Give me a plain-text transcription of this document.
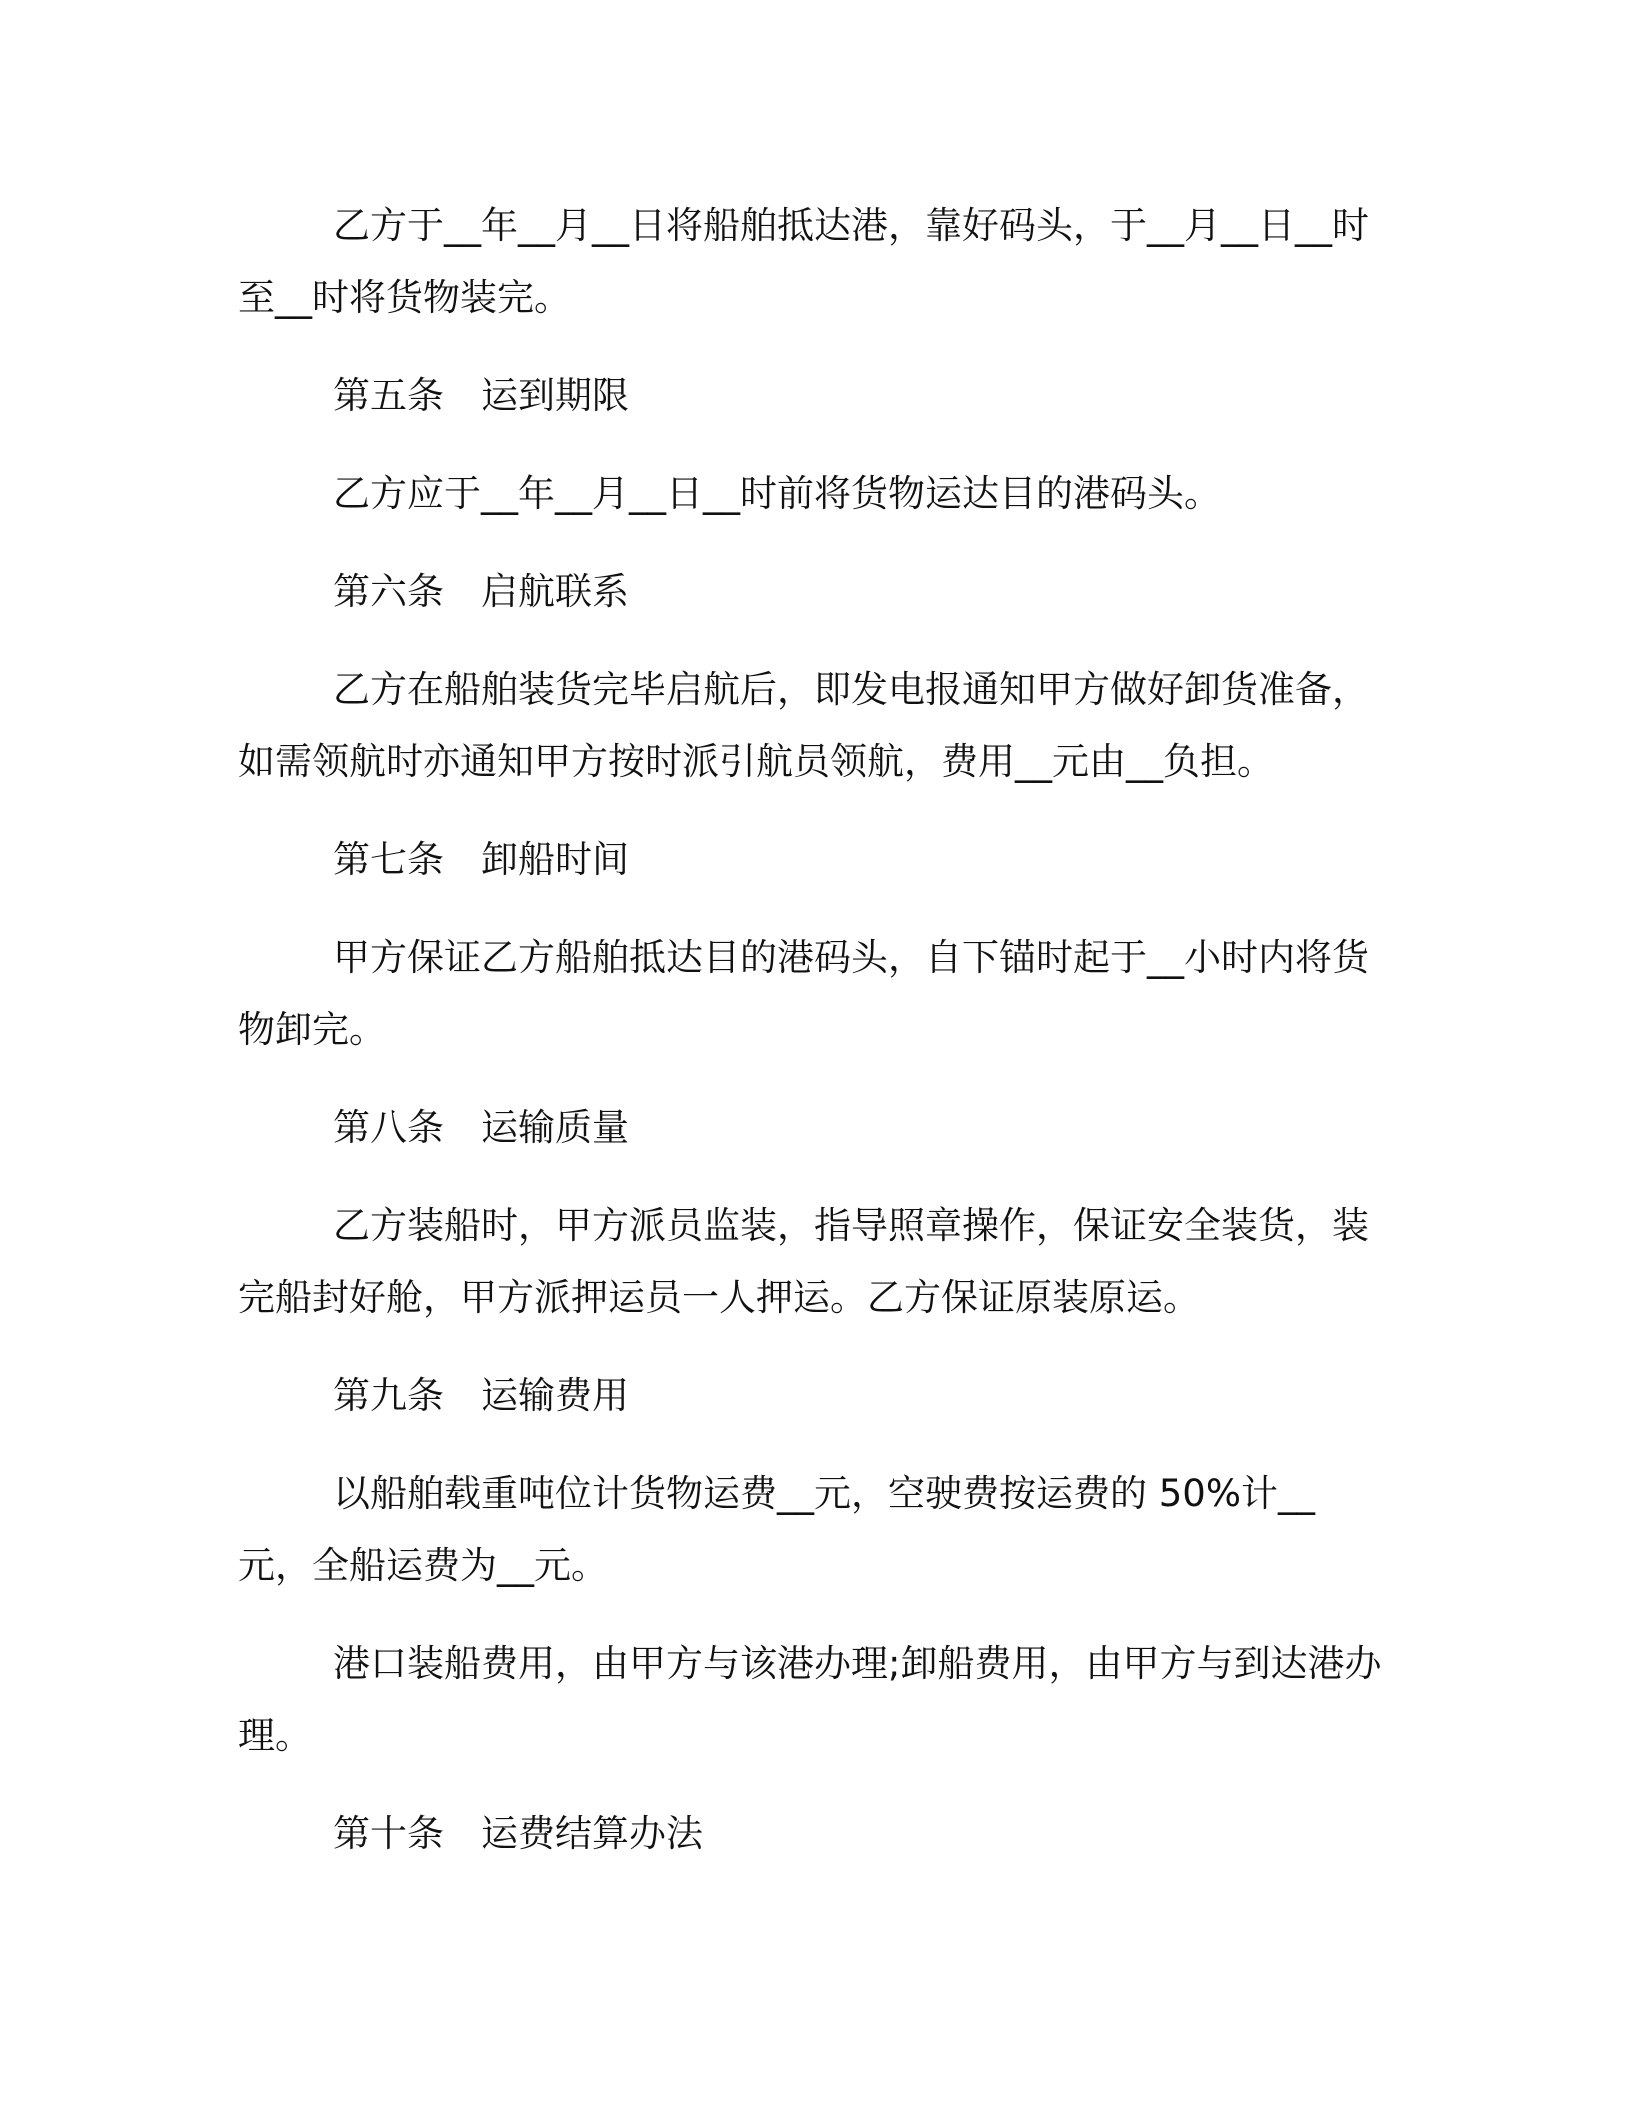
乙方于__年__月__日将船舶抵达港，靠好码头，于__月__日__时至__时将货物装完。

第五条　运到期限

乙方应于__年__月__日__时前将货物运达目的港码头。

第六条　启航联系

乙方在船舶装货完毕启航后，即发电报通知甲方做好卸货准备，如需领航时亦通知甲方按时派引航员领航，费用__元由__负担。

第七条　卸船时间

甲方保证乙方船舶抵达目的港码头，自下锚时起于__小时内将货物卸完。

第八条　运输质量

乙方装船时，甲方派员监装，指导照章操作，保证安全装货，装完船封好舱，甲方派押运员一人押运。乙方保证原装原运。

第九条　运输费用

以船舶载重吨位计货物运费__元，空驶费按运费的 50%计__元，全船运费为__元。

港口装船费用，由甲方与该港办理;卸船费用，由甲方与到达港办理。

第十条　运费结算办法
